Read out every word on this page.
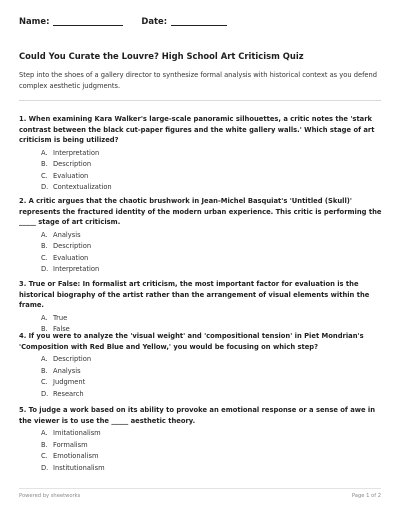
Name:	Date:
Could You Curate the Louvre? High School Art Criticism Quiz
Step into the shoes of a gallery director to synthesize formal analysis with historical context as you defend complex aesthetic judgments.
1. When examining Kara Walker's large-scale panoramic silhouettes, a critic notes the 'stark contrast between the black cut-paper figures and the white gallery walls.' Which stage of art criticism is being utilized?
A. Interpretation
B. Description
C. Evaluation
D. Contextualization
2. A critic argues that the chaotic brushwork in Jean-Michel Basquiat's 'Untitled (Skull)' represents the fractured identity of the modern urban experience. This critic is performing the _____ stage of art criticism.
A. Analysis
B. Description
C. Evaluation
D. Interpretation
3. True or False: In formalist art criticism, the most important factor for evaluation is the historical biography of the artist rather than the arrangement of visual elements within the frame.
A. True
B. False
4. If you were to analyze the 'visual weight' and 'compositional tension' in Piet Mondrian's 'Composition with Red Blue and Yellow,' you would be focusing on which step?
A. Description
B. Analysis
C. Judgment
D. Research
5. To judge a work based on its ability to provoke an emotional response or a sense of awe in the viewer is to use the _____ aesthetic theory.
A. Imitationalism
B. Formalism
C. Emotionalism
D. Institutionalism
Powered by sheetworks	Page 1 of 2
